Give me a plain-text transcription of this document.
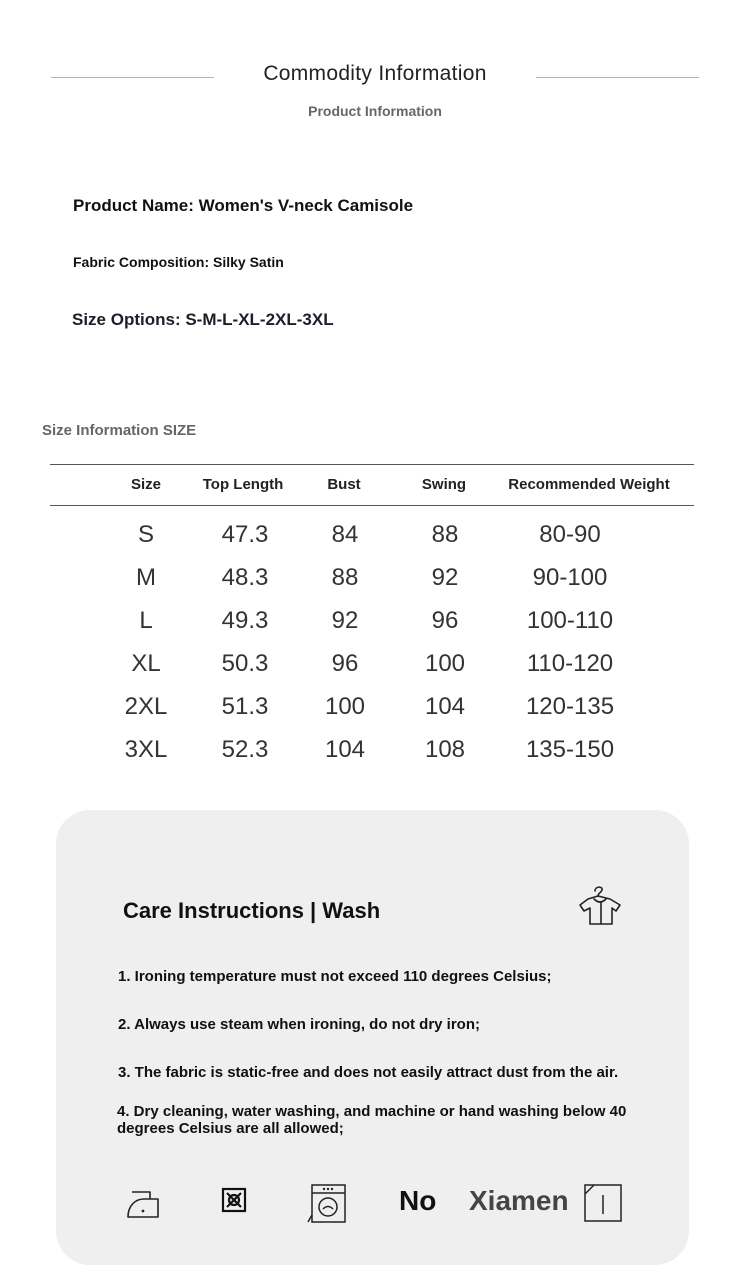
Commodity Information
Product Information
Product Name: Women's V-neck Camisole
Fabric Composition: Silky Satin
Size Options: S-M-L-XL-2XL-3XL
Size Information SIZE
Size	Top Length	Bust	Swing	Recommended Weight
S	47.3	84	88	80-90
M	48.3	88	92	90-100
L	49.3	92	96	100-110
XL	50.3	96	100	110-120
2XL 51.3 100 104	120-135
3XL 52.3 104 108	135-150
Care Instructions | Wash
1. Ironing temperature must not exceed 110 degrees Celsius;
2. Always use steam when ironing, do not dry iron;
3. The fabric is static-free and does not easily attract dust from the air.
4. Dry cleaning, water washing, and machine or hand washing below 40 degrees Celsius are all allowed;
No Xiamen
